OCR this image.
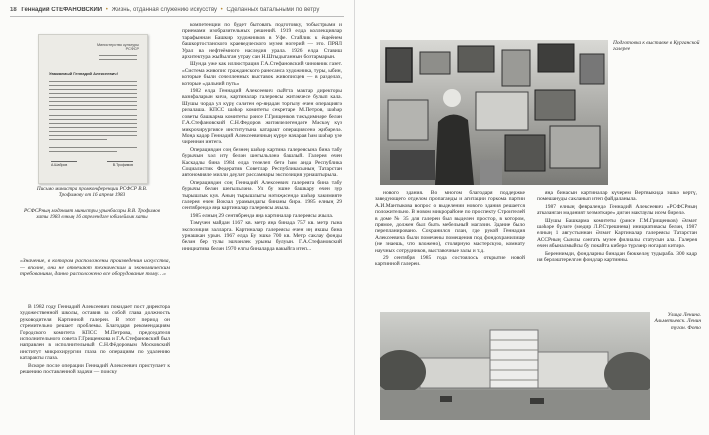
18 Геннадий СТЕФАНОВСКИЙ • Жизнь, отданная служению искусству • Сделанных батальными по ветру
Министерство культуры РСФСР
Уважаемый Геннадий Алексеевич!
А.Шабров	В.Трофимов
Письмо министра промконференции РСФСР В.В. Трофимову от 16 апреля 1983
РСФСРның мәдәният министры урынбасары В.В. Трофимов хаты 1983 елның 16 апрелендәге юбилейлык хаты
«Значение, в котором расположены произведения искусства, — вполне, они не отвечают техническим и экономическим требованиям, данно расположено все оборудование тому…»

В 1982 году Геннадий Алексеевич покидает пост директора художественной школы, оставив за собой глава должность руководителя Картинной галереи. В этот период он стремительно решает проблемы. Благодаря рекомендациям Городского комитета КПСС М.Петрова, председателя исполнительного совета Г.Грищенкова и Г.А.Стефановский был направлен в исполнительный С.Н.Фёдоровым Московский институт микрохирургии глаза по операциям по удалению катаракты глаза.

Вскоре после операции Геннадий Алексеевич приступает к решению поставленной задачи — поиску

компетенции по будет бытовать подготовку, тобыстрыми и приемами изобразительных решений. 1919 елда коллекциялар тарафыннан Башкир художников в Уфе. Стайлик к ёщеёнем башкортостанского краеведческого музея ногерий — это. ПРЯЛ Урал ва нефтеёмного наследия урала. 1926 елда Ставиш архитектура жыйылган утрау сан Н.Штыдыганнын бозтармарын.

Шунда уже как иллюстрация Г.А.Стефановский чиновник газет. «Система живопис гражданского ранесанса художника, туры, ыбин, которые были сочелленных выставок живописцев — в разделах, которые «дальний путь»

1982 елда Геннадий Алексеевич сыйтта мактар директоры вазифаларын кичә, картиналар галереясы житәкчесе булып кала. Шушы чорда ул күрү сәләтен өр-яңадан торгызу өчен операциягә ризалаша. КПСС шәһәр комитеты секретаре М.Петров, шәһәр советы башкарма комитеты рәисе Г.Грищенков тәкъдимнәре белән Г.А.Стефановский С.Н.Федоров житәкчелегендәге Мәскәү күз микрохирургиясе институтына катаракт операциясенә җибәрелә. Моңа кадәр Геннадий Алексеевичның күрүе начарая һәм шәһәр үзе чиреннән интегә.

Операциядән соң безнең шәһәр картина галереясына бина табу бурычын хәл итү белән шөгыльләнә башлый. Галерея өчен Каскадлы бина 1984 елда төзелеп бетә һәм анда Республика Социалистик Федератив Советлар Республикасының Татарстан автономияле милли дәүләт рәссамнары экспозиция урнаштырыла.

Операциядән соң Геннадий Алексеевич галереяга бина табу бурычы белән шөгыльләнә. Ул бу эшне башкару өчен зур тырышлык куя. Аның тырышлыгы нәтиҗәсендә шәһәр хакимияте галерея өчен Вокзал урамындагы бинаны бирә. 1985 елның 29 сентябрендә яңа картиналар галереясы ачыла.

1985 елның 29 сентябрендә яңа картиналар галереясы ачыла.

Тәмүчен майдан 1167 кв. метр яңа бинада 757 кв. метр гына экспозиция залларга. Картиналар галереясы өчен иң якшы бина урнашкан урын. 1967 елда Бу эшкә 700 кв. Метр саклау фонды белән бер тулы эшчәнлек урыны булуын. Г.А.Стефановский инициатива белән 1970 елгы биналарда вакыйга итеп...

Подготовка к выставке в Курганской галерее

нового здания. Во многом благодаря поддержке заведующего отделом пропаганды и агитации горкома партии А.И.Мантыкова вопрос о выделении нового здания решается положительно. В новом микрорайоне по проспекту Строителей в доме № 35 для галереи был выделен простор, в котором, прямое, должен был быть мебельный магазин. Здание было перепланировано. Сохранился план, где рукой Геннадия Алексеевича были помечены помещения под фондохранилище (не знаешь, что вложено), столярную мастерскую, комнату научных сотрудников, выставочные залы и т.д.

29 сентября 1985 года состоялось открытие новой картинной галереи.

яңа бинасын картиналар күчерем Вертвыкида эшкә кертү, помешануды сакланып итеп файдаланыла.

1987 елның февралендә Геннадий Алексеевич «РСФСРның атказанган мәдәният хезмәткәре» дигән мактаулы исем бирелә.

Шушы Башкарма комитеты (рәисе Г.М.Грищенков) Әлмәт шәһәре бүләге (мөдир Л.Р.Стрешнева) инициативасы белән, 1987 елның 1 августыннан Әлмәт Картиналар галереясы Татарстан АССРның Сынлы сәнгать музее филиалы статусын ала. Галерея өчен ябыналмыйсы бу покайта киберә түрләнр ногарап китәрә.

Береннимди, фондларны бинадан бюккеләү тудыраба. 300 кадр ия берләштерелгән фондлар картинны.

Улица Ленина. Альметьевск. Ленин туган. Фото
